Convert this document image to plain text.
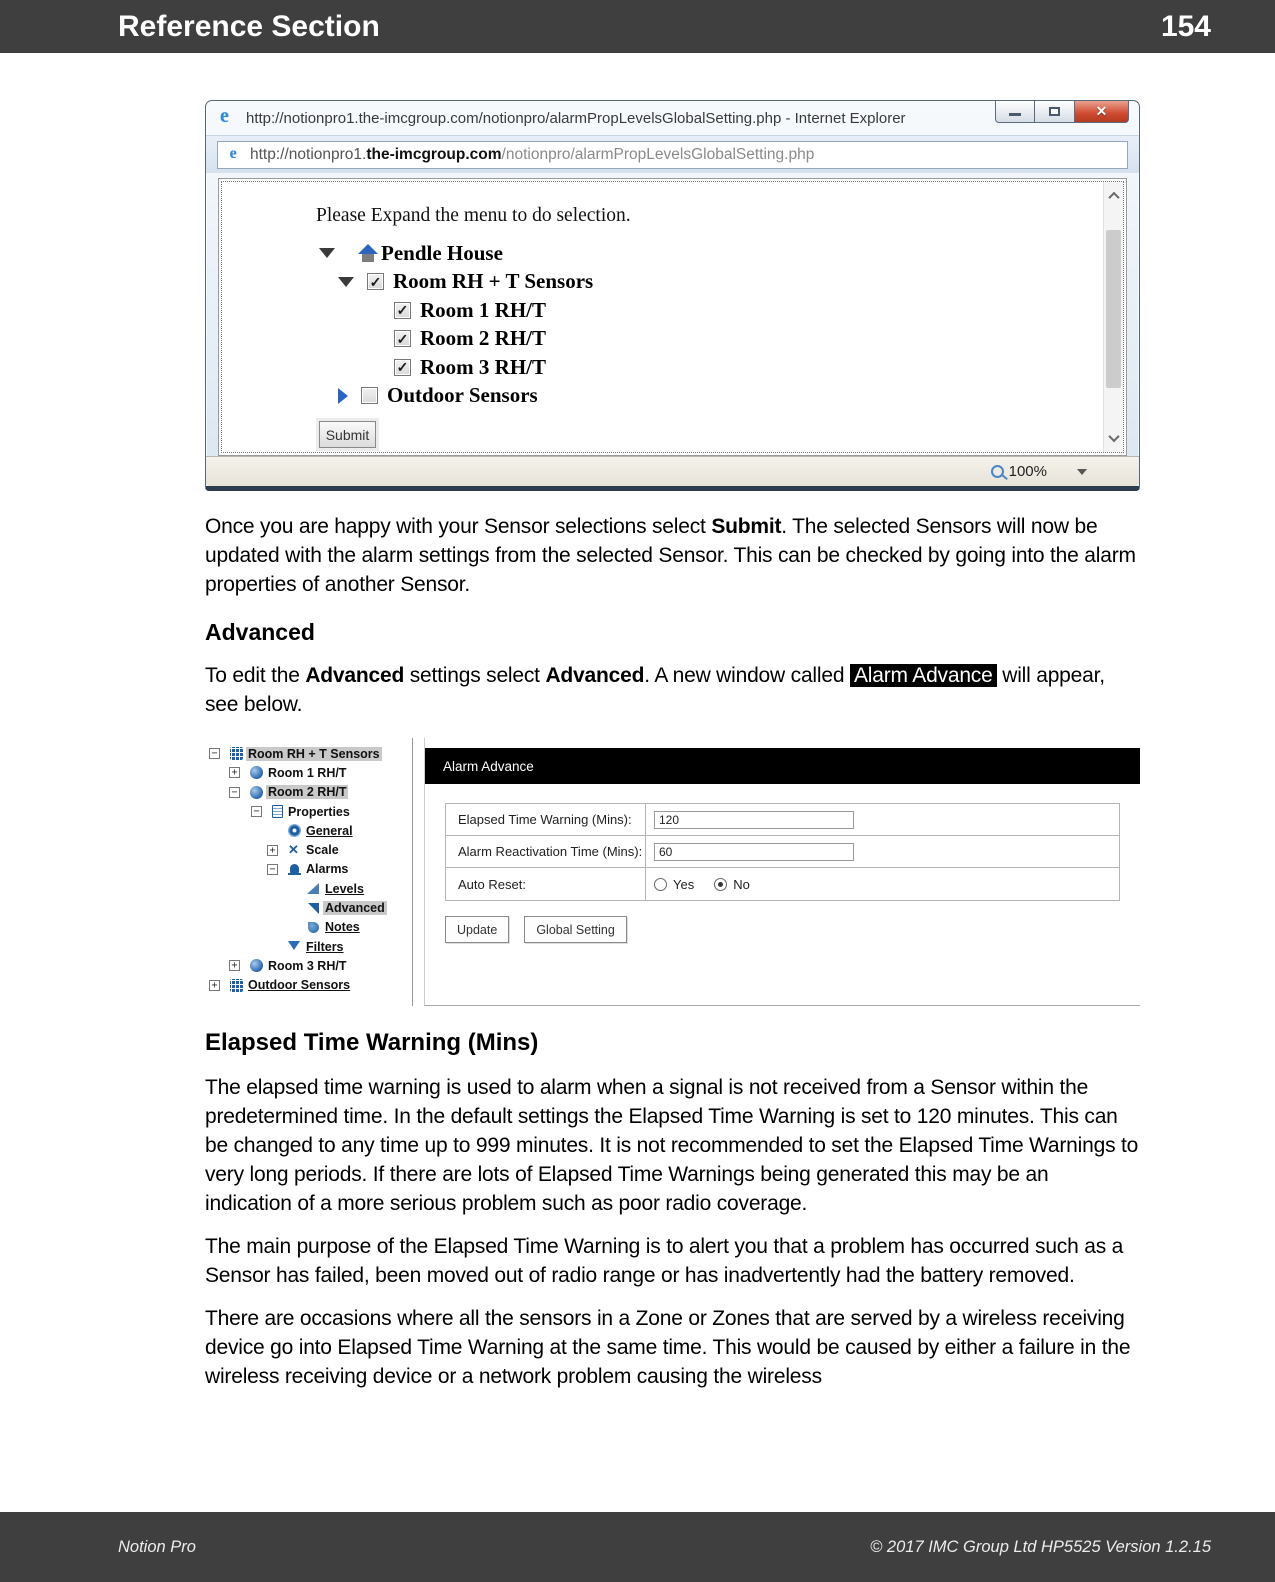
Reference Section	154
e
http://notionpro1.the-imcgroup.com/notionpro/alarmPropLevelsGlobalSetting.php - Internet Explorer	✕
e
http://notionpro1. the-imcgroup.com /notionpro/alarmPropLevelsGlobalSetting.php
Please Expand the menu to do selection.
Pendle House
✓ Room RH + T Sensors
✓ Room 1 RH/T
✓ Room 2 RH/T
✓ Room 3 RH/T
Outdoor Sensors
Submit
100%

Once you are happy with your Sensor selections select Submit. The selected Sensors will now be updated with the alarm settings from the selected Sensor. This can be checked by going into the alarm properties of another Sensor.

Advanced

To edit the Advanced settings select Advanced. A new window called Alarm Advance will appear, see below.

− Room RH + T Sensors
+ Room 1 RH/T
− Room 2 RH/T
− Properties
General
+ ✕ Scale
− Alarms
Levels
Advanced
Notes
Filters
+ Room 3 RH/T
+ Outdoor Sensors
Alarm Advance
Elapsed Time Warning (Mins):
120
Alarm Reactivation Time (Mins):
60
Auto Reset:	Yes	No
Update	Global Setting
Elapsed Time Warning (Mins)

The elapsed time warning is used to alarm when a signal is not received from a Sensor within the predetermined time. In the default settings the Elapsed Time Warning is set to 120 minutes. This can be changed to any time up to 999 minutes. It is not recommended to set the Elapsed Time Warnings to very long periods. If there are lots of Elapsed Time Warnings being generated this may be an indication of a more serious problem such as poor radio coverage.

The main purpose of the Elapsed Time Warning is to alert you that a problem has occurred such as a Sensor has failed, been moved out of radio range or has inadvertently had the battery removed.

There are occasions where all the sensors in a Zone or Zones that are served by a wireless receiving device go into Elapsed Time Warning at the same time. This would be caused by either a failure in the wireless receiving device or a network problem causing the wireless

Notion Pro	© 2017 IMC Group Ltd HP5525 Version 1.2.15
